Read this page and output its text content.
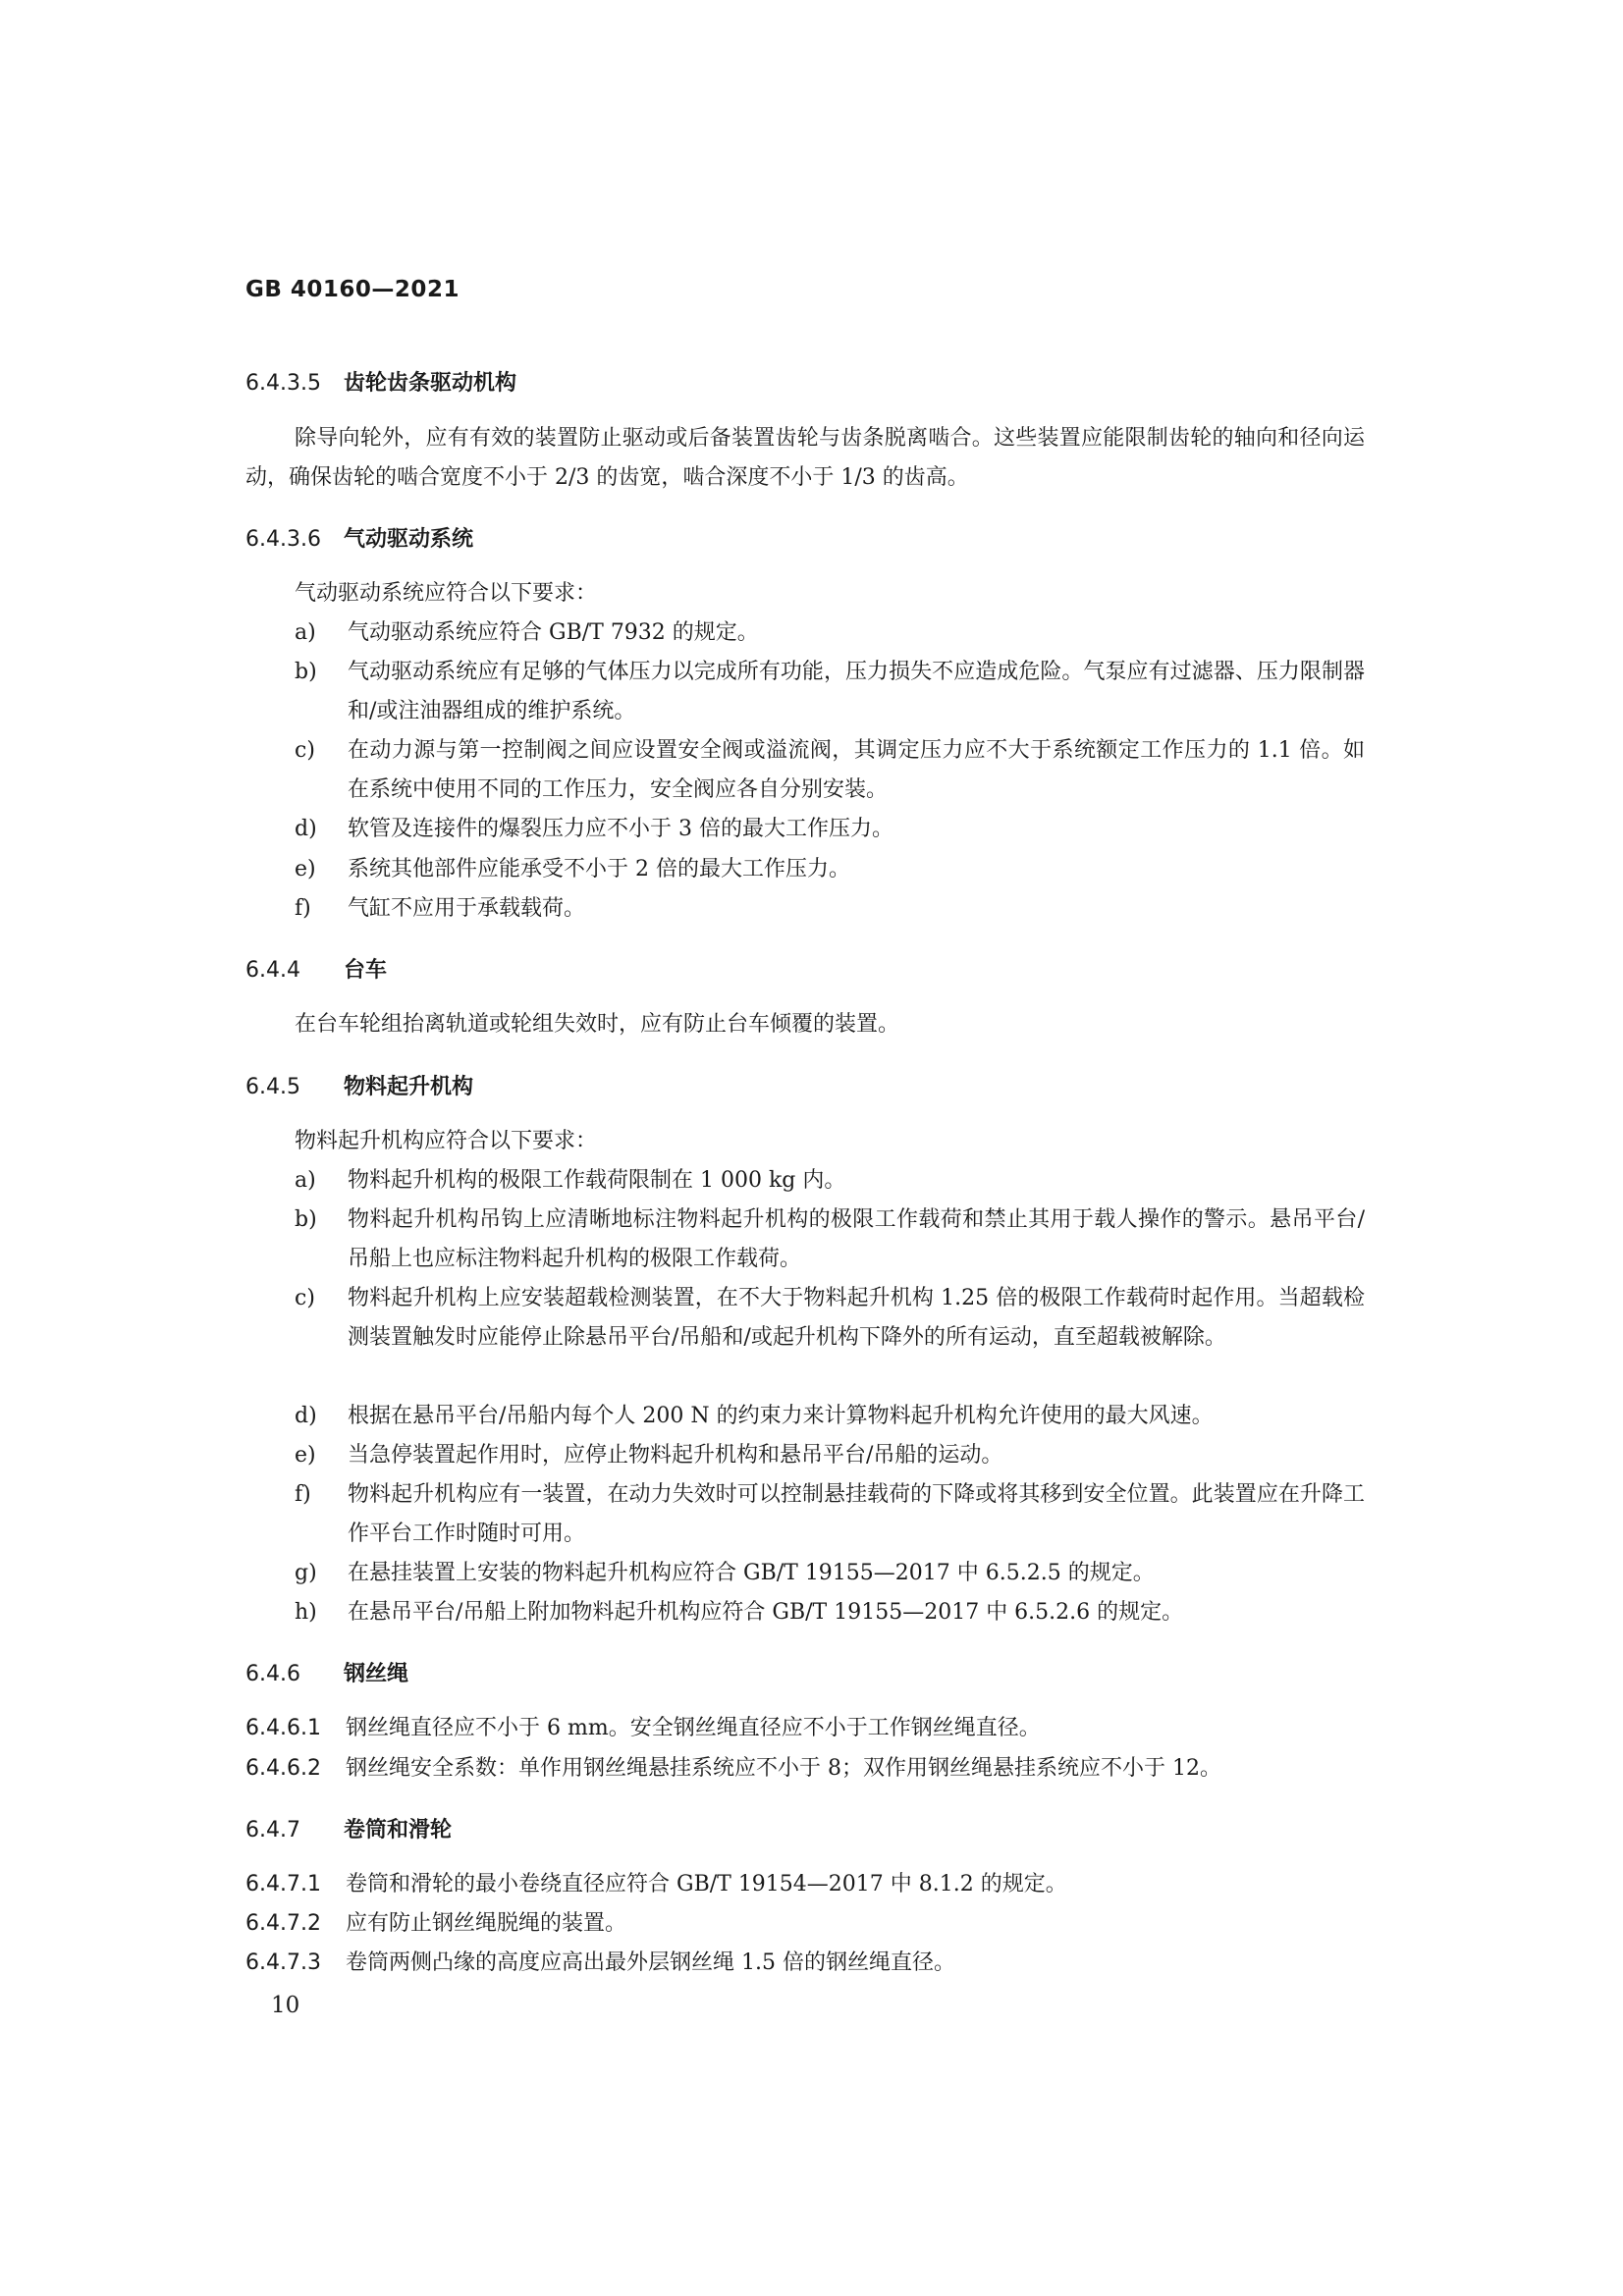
GB 40160—2021
6.4.3.5 齿轮齿条驱动机构
除导向轮外，应有有效的装置防止驱动或后备装置齿轮与齿条脱离啮合。这些装置应能限制齿轮的轴向和径向运动，确保齿轮的啮合宽度不小于 2/3 的齿宽，啮合深度不小于 1/3 的齿高。
6.4.3.6 气动驱动系统
气动驱动系统应符合以下要求：
a) 气动驱动系统应符合 GB/T 7932 的规定。
b) 气动驱动系统应有足够的气体压力以完成所有功能，压力损失不应造成危险。气泵应有过滤器、压力限制器和/或注油器组成的维护系统。
c) 在动力源与第一控制阀之间应设置安全阀或溢流阀，其调定压力应不大于系统额定工作压力的 1.1 倍。如在系统中使用不同的工作压力，安全阀应各自分别安装。
d) 软管及连接件的爆裂压力应不小于 3 倍的最大工作压力。
e) 系统其他部件应能承受不小于 2 倍的最大工作压力。
f) 气缸不应用于承载载荷。
6.4.4 台车
在台车轮组抬离轨道或轮组失效时，应有防止台车倾覆的装置。
6.4.5 物料起升机构
物料起升机构应符合以下要求：
a) 物料起升机构的极限工作载荷限制在 1 000 kg 内。
b) 物料起升机构吊钩上应清晰地标注物料起升机构的极限工作载荷和禁止其用于载人操作的警示。悬吊平台/吊船上也应标注物料起升机构的极限工作载荷。
c) 物料起升机构上应安装超载检测装置，在不大于物料起升机构 1.25 倍的极限工作载荷时起作用。当超载检测装置触发时应能停止除悬吊平台/吊船和/或起升机构下降外的所有运动，直至超载被解除。
d) 根据在悬吊平台/吊船内每个人 200 N 的约束力来计算物料起升机构允许使用的最大风速。
e) 当急停装置起作用时，应停止物料起升机构和悬吊平台/吊船的运动。
f) 物料起升机构应有一装置，在动力失效时可以控制悬挂载荷的下降或将其移到安全位置。此装置应在升降工作平台工作时随时可用。
g) 在悬挂装置上安装的物料起升机构应符合 GB/T 19155—2017 中 6.5.2.5 的规定。
h) 在悬吊平台/吊船上附加物料起升机构应符合 GB/T 19155—2017 中 6.5.2.6 的规定。
6.4.6 钢丝绳
6.4.6.1 钢丝绳直径应不小于 6 mm。安全钢丝绳直径应不小于工作钢丝绳直径。
6.4.6.2 钢丝绳安全系数：单作用钢丝绳悬挂系统应不小于 8；双作用钢丝绳悬挂系统应不小于 12。
6.4.7 卷筒和滑轮
6.4.7.1 卷筒和滑轮的最小卷绕直径应符合 GB/T 19154—2017 中 8.1.2 的规定。
6.4.7.2 应有防止钢丝绳脱绳的装置。
6.4.7.3 卷筒两侧凸缘的高度应高出最外层钢丝绳 1.5 倍的钢丝绳直径。
10
